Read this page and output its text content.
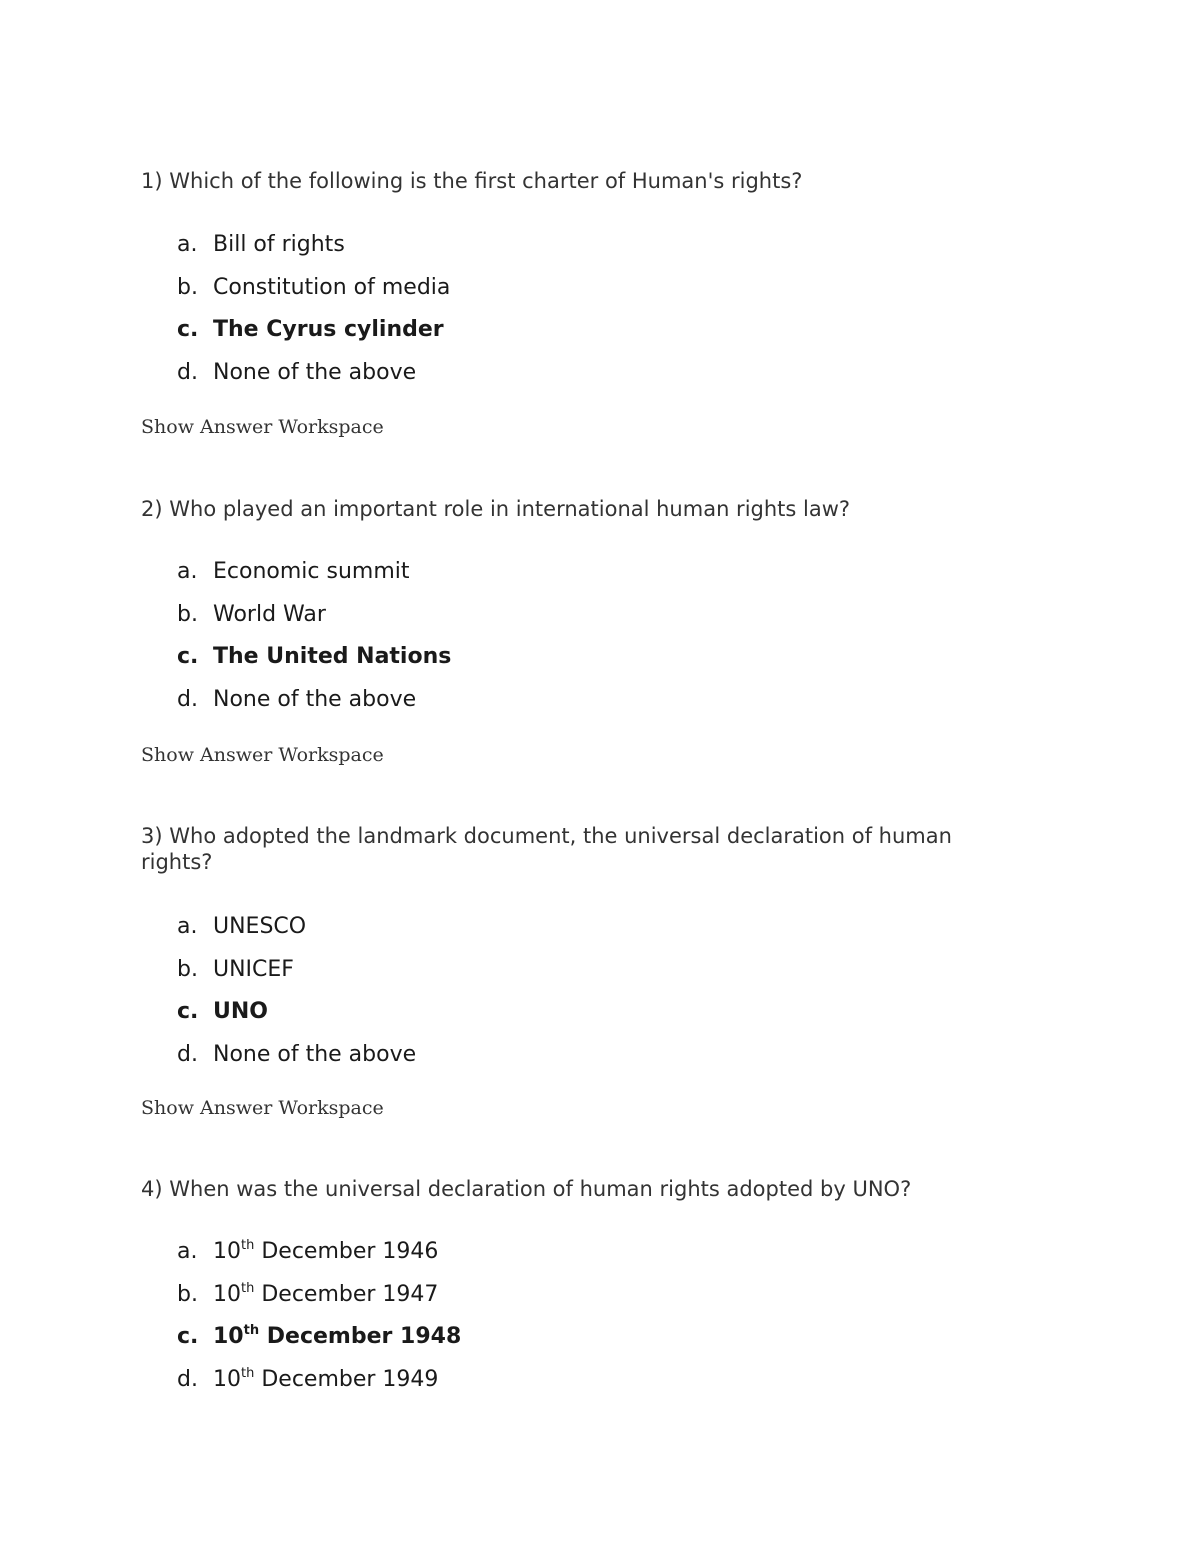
1) Which of the following is the first charter of Human's rights?

a. Bill of rights
b. Constitution of media
c. The Cyrus cylinder
d. None of the above

Show Answer Workspace

2) Who played an important role in international human rights law?

a. Economic summit
b. World War
c. The United Nations
d. None of the above

Show Answer Workspace

3) Who adopted the landmark document, the universal declaration of human rights?

a. UNESCO
b. UNICEF
c. UNO
d. None of the above

Show Answer Workspace

4) When was the universal declaration of human rights adopted by UNO?

a. 10th December 1946
b. 10th December 1947
c. 10th December 1948
d. 10th December 1949
